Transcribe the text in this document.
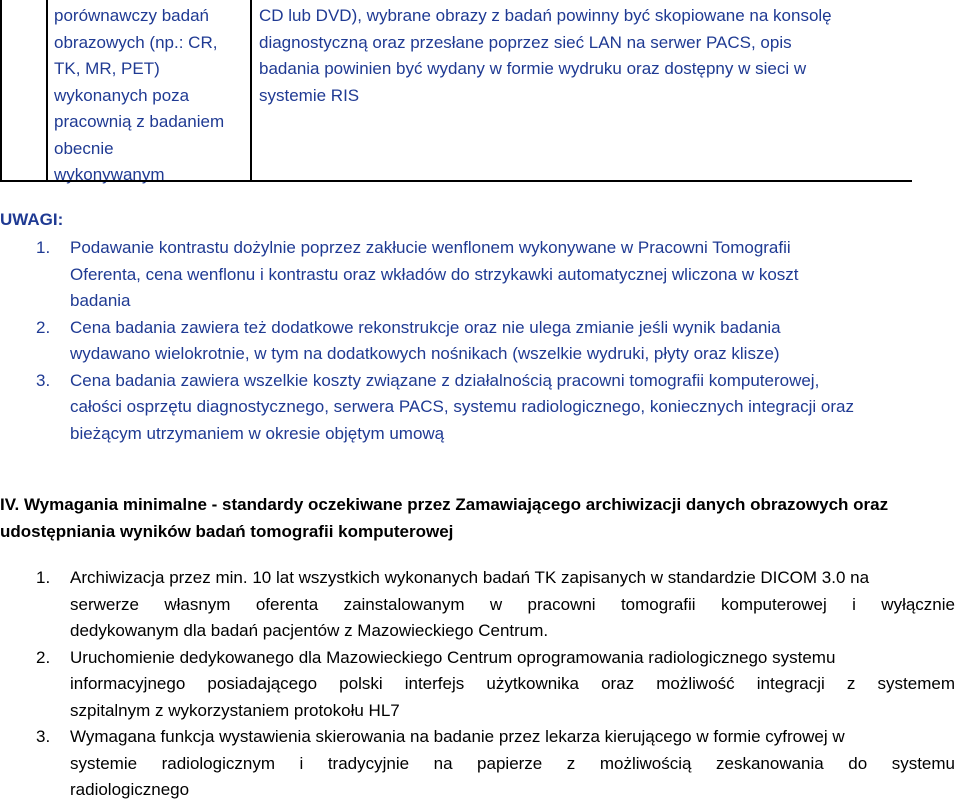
porównawczy badań
obrazowych (np.: CR,
TK, MR, PET)
wykonanych poza
pracownią z badaniem
obecnie
wykonywanym

CD lub DVD), wybrane obrazy z badań powinny być skopiowane na konsolę
diagnostyczną oraz przesłane poprzez sieć LAN na serwer PACS, opis
badania powinien być wydany w formie wydruku oraz dostępny w sieci w
systemie RIS

UWAGI:
1. Podawanie kontrastu dożylnie poprzez zakłucie wenflonem wykonywane w Pracowni Tomografii
Oferenta, cena wenflonu i kontrastu oraz wkładów do strzykawki automatycznej wliczona w koszt
badania
2. Cena badania zawiera też dodatkowe rekonstrukcje oraz nie ulega zmianie jeśli wynik badania
wydawano wielokrotnie, w tym na dodatkowych nośnikach (wszelkie wydruki, płyty oraz klisze)
3. Cena badania zawiera wszelkie koszty związane z działalnością pracowni tomografii komputerowej,
całości osprzętu diagnostycznego, serwera PACS, systemu radiologicznego, koniecznych integracji oraz
bieżącym utrzymaniem w okresie objętym umową
IV. Wymagania minimalne - standardy oczekiwane przez Zamawiającego archiwizacji danych obrazowych oraz
udostępniania wyników badań tomografii komputerowej
1. Archiwizacja przez min. 10 lat wszystkich wykonanych badań TK zapisanych w standardzie DICOM 3.0 na
serwerze własnym oferenta zainstalowanym w pracowni tomografii komputerowej i wyłącznie
dedykowanym dla badań pacjentów z Mazowieckiego Centrum.
2. Uruchomienie dedykowanego dla Mazowieckiego Centrum oprogramowania radiologicznego systemu
informacyjnego posiadającego polski interfejs użytkownika oraz możliwość integracji z systemem
szpitalnym z wykorzystaniem protokołu HL7
3. Wymagana funkcja wystawienia skierowania na badanie przez lekarza kierującego w formie cyfrowej w
systemie radiologicznym i tradycyjnie na papierze z możliwością zeskanowania do systemu
radiologicznego
